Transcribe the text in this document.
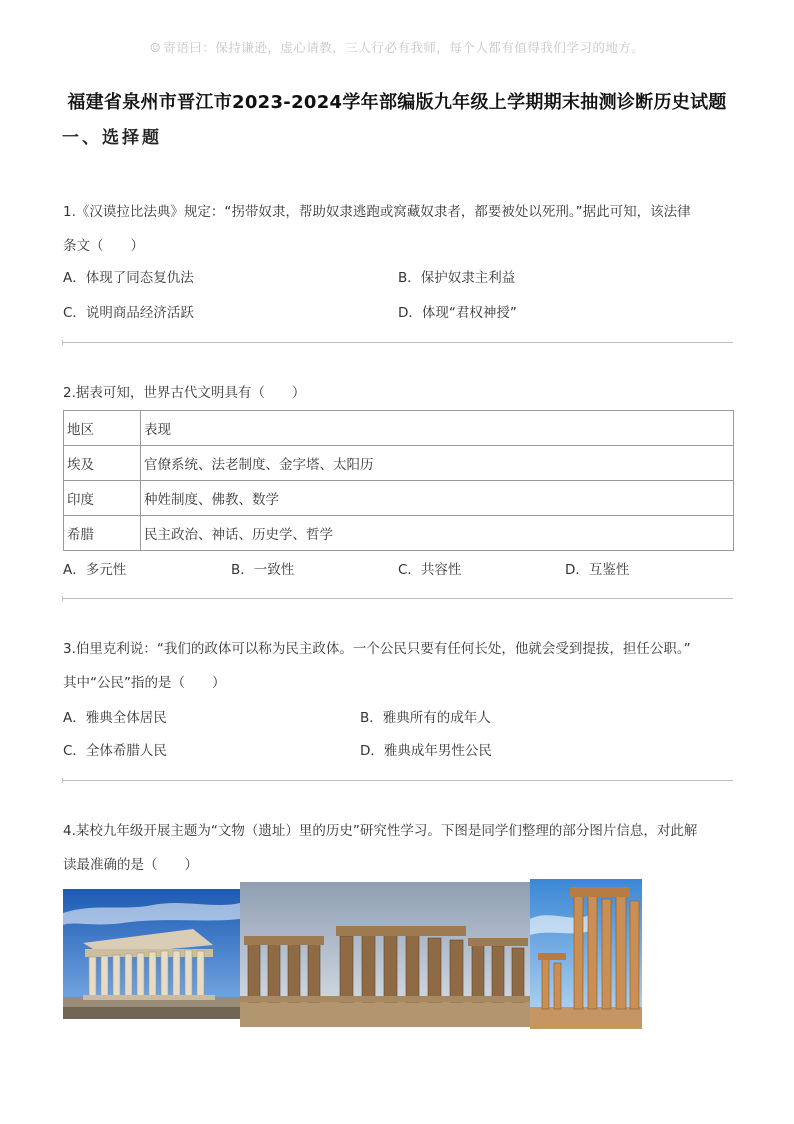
☺ 寄语曰：保持谦逊，虚心请教，三人行必有我师，每个人都有值得我们学习的地方。
福建省泉州市晋江市2023-2024学年部编版九年级上学期期末抽测诊断历史试题
一、选择题
1.《汉谟拉比法典》规定：“拐带奴隶，帮助奴隶逃跑或窝藏奴隶者，都要被处以死刑。”据此可知，该法律
条文（　　）
A．体现了同态复仇法	B．保护奴隶主利益
C．说明商品经济活跃	D．体现“君权神授”
2.据表可知，世界古代文明具有（　　）
地区	表现
埃及	官僚系统、法老制度、金字塔、太阳历
印度	种姓制度、佛教、数学
希腊	民主政治、神话、历史学、哲学
A．多元性	B．一致性	C．共容性	D．互鉴性
3.伯里克利说：“我们的政体可以称为民主政体。一个公民只要有任何长处，他就会受到提拔，担任公职。”
其中“公民”指的是（　　）
A．雅典全体居民	B．雅典所有的成年人
C．全体希腊人民	D．雅典成年男性公民
4.某校九年级开展主题为“文物（遗址）里的历史”研究性学习。下图是同学们整理的部分图片信息，对此解
读最准确的是（　　）
